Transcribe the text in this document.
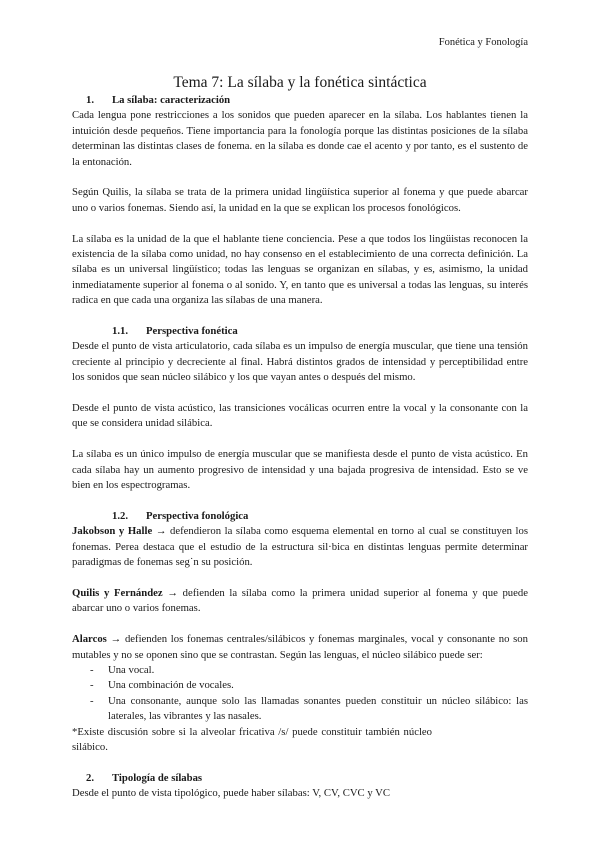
Fonética y Fonología
Tema 7: La sílaba y la fonética sintáctica
1.	La sílaba: caracterización

Cada lengua pone restricciones a los sonidos que pueden aparecer en la sílaba. Los hablantes tienen la intuición desde pequeños. Tiene importancia para la fonología porque las distintas posiciones de la sílaba determinan las distintas clases de fonema. en la sílaba es donde cae el acento y por tanto, es el sustento de la entonación.

Según Quilis, la sílaba se trata de la primera unidad lingüística superior al fonema y que puede abarcar uno o varios fonemas. Siendo así, la unidad en la que se explican los procesos fonológicos.

La sílaba es la unidad de la que el hablante tiene conciencia. Pese a que todos los lingüistas reconocen la existencia de la sílaba como unidad, no hay consenso en el establecimiento de una correcta definición. La sílaba es un universal lingüístico; todas las lenguas se organizan en sílabas, y es, asimismo, la unidad inmediatamente superior al fonema o al sonido. Y, en tanto que es universal a todas las lenguas, su interés radica en que cada una organiza las sílabas de una manera.

1.1.	Perspectiva fonética

Desde el punto de vista articulatorio, cada sílaba es un impulso de energía muscular, que tiene una tensión creciente al principio y decreciente al final. Habrá distintos grados de intensidad y perceptibilidad entre los sonidos que sean núcleo silábico y los que vayan antes o después del mismo.

Desde el punto de vista acústico, las transiciones vocálicas ocurren entre la vocal y la consonante con la que se considera unidad silábica.

La sílaba es un único impulso de energía muscular que se manifiesta desde el punto de vista acústico. En cada sílaba hay un aumento progresivo de intensidad y una bajada progresiva de intensidad. Esto se ve bien en los espectrogramas.

1.2.	Perspectiva fonológica

Jakobson y Halle → defendieron la sílaba como esquema elemental en torno al cual se constituyen los fonemas. Perea destaca que el estudio de la estructura sil·bica en distintas lenguas permite determinar paradigmas de fonemas seg˙n su posición.

Quilis y Fernández → defienden la sílaba como la primera unidad superior al fonema y que puede abarcar uno o varios fonemas.

Alarcos → defienden los fonemas centrales/silábicos y fonemas marginales, vocal y consonante no son mutables y no se oponen sino que se contrastan. Según las lenguas, el núcleo silábico puede ser:

-	Una vocal.
-	Una combinación de vocales.
-	Una consonante, aunque solo las llamadas sonantes pueden constituir un núcleo silábico: las laterales, las vibrantes y las nasales.

*Existe discusión sobre si la alveolar fricativa /s/ puede constituir también núcleo silábico.

2.	Tipología de sílabas

Desde el punto de vista tipológico, puede haber sílabas: V, CV, CVC y VC
